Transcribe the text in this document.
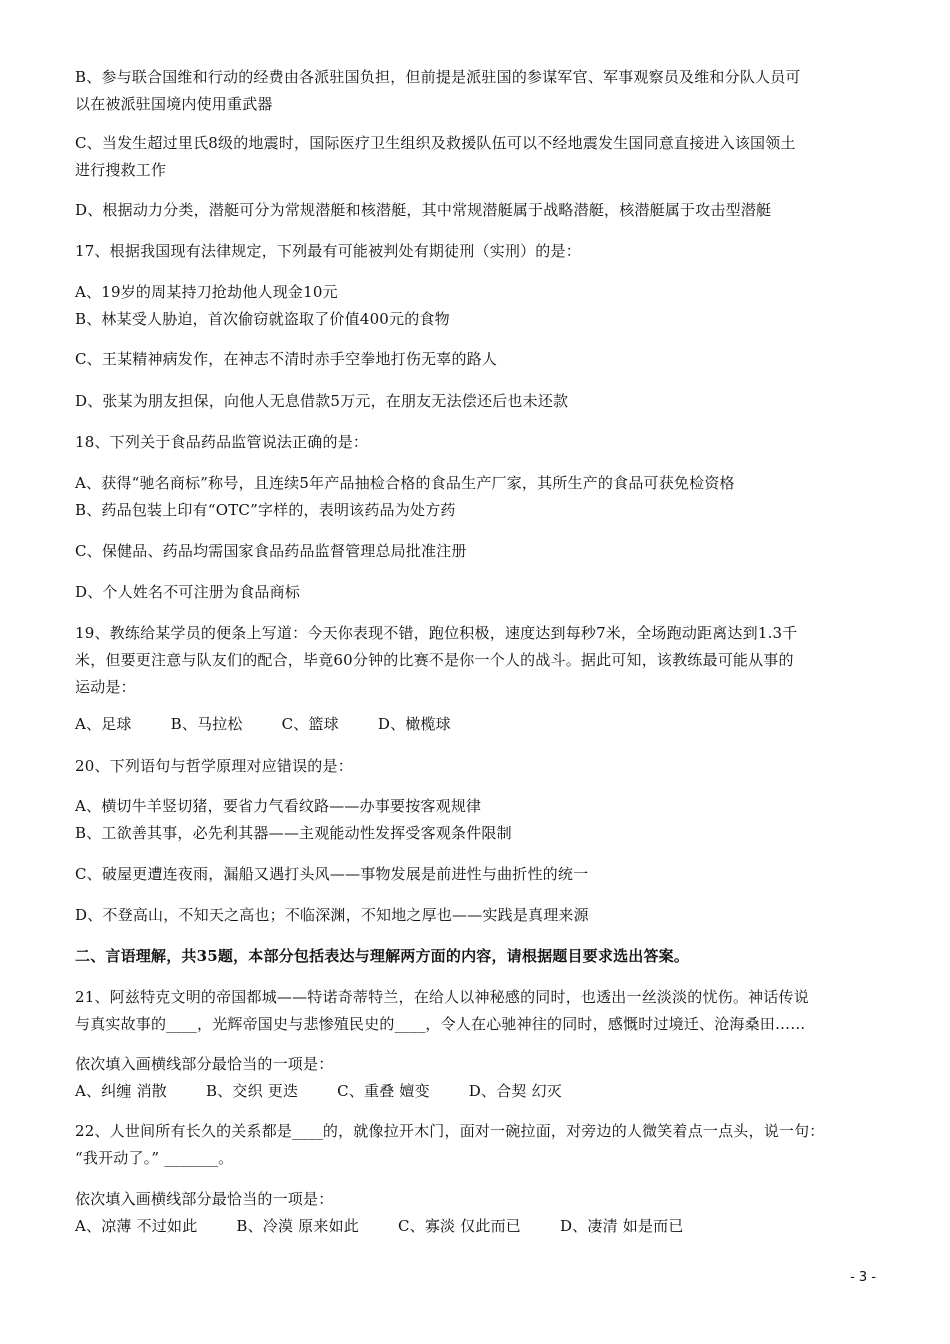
B、参与联合国维和行动的经费由各派驻国负担，但前提是派驻国的参谋军官、军事观察员及维和分队人员可
以在被派驻国境内使用重武器
C、当发生超过里氏8级的地震时，国际医疗卫生组织及救援队伍可以不经地震发生国同意直接进入该国领土
进行搜救工作
D、根据动力分类，潜艇可分为常规潜艇和核潜艇，其中常规潜艇属于战略潜艇，核潜艇属于攻击型潜艇
17、根据我国现有法律规定，下列最有可能被判处有期徒刑（实刑）的是：
A、19岁的周某持刀抢劫他人现金10元
B、林某受人胁迫，首次偷窃就盗取了价值400元的食物
C、王某精神病发作，在神志不清时赤手空拳地打伤无辜的路人
D、张某为朋友担保，向他人无息借款5万元，在朋友无法偿还后也未还款
18、下列关于食品药品监管说法正确的是：
A、获得“驰名商标”称号，且连续5年产品抽检合格的食品生产厂家，其所生产的食品可获免检资格
B、药品包装上印有“OTC”字样的，表明该药品为处方药
C、保健品、药品均需国家食品药品监督管理总局批准注册
D、个人姓名不可注册为食品商标
19、教练给某学员的便条上写道：今天你表现不错，跑位积极，速度达到每秒7米，全场跑动距离达到1.3千
米，但要更注意与队友们的配合，毕竟60分钟的比赛不是你一个人的战斗。据此可知，该教练最可能从事的
运动是：
A、足球	B、马拉松	C、篮球	D、橄榄球
20、下列语句与哲学原理对应错误的是：
A、横切牛羊竖切猪，要省力气看纹路——办事要按客观规律
B、工欲善其事，必先利其器——主观能动性发挥受客观条件限制
C、破屋更遭连夜雨，漏船又遇打头风——事物发展是前进性与曲折性的统一
D、不登高山，不知天之高也；不临深渊，不知地之厚也——实践是真理来源
二、言语理解，共35题，本部分包括表达与理解两方面的内容，请根据题目要求选出答案。
21、阿兹特克文明的帝国都城——特诺奇蒂特兰，在给人以神秘感的同时，也透出一丝淡淡的忧伤。神话传说
与真实故事的____，光辉帝国史与悲惨殖民史的____，令人在心驰神往的同时，感慨时过境迁、沧海桑田……
依次填入画横线部分最恰当的一项是：
A、纠缠 消散	B、交织 更迭	C、重叠 嬗变	D、合契 幻灭
22、人世间所有长久的关系都是____的，就像拉开木门，面对一碗拉面，对旁边的人微笑着点一点头，说一句：
“我开动了。” _______。
依次填入画横线部分最恰当的一项是：
A、凉薄 不过如此	B、冷漠 原来如此	C、寡淡 仅此而已	D、凄清 如是而已
- 3 -
